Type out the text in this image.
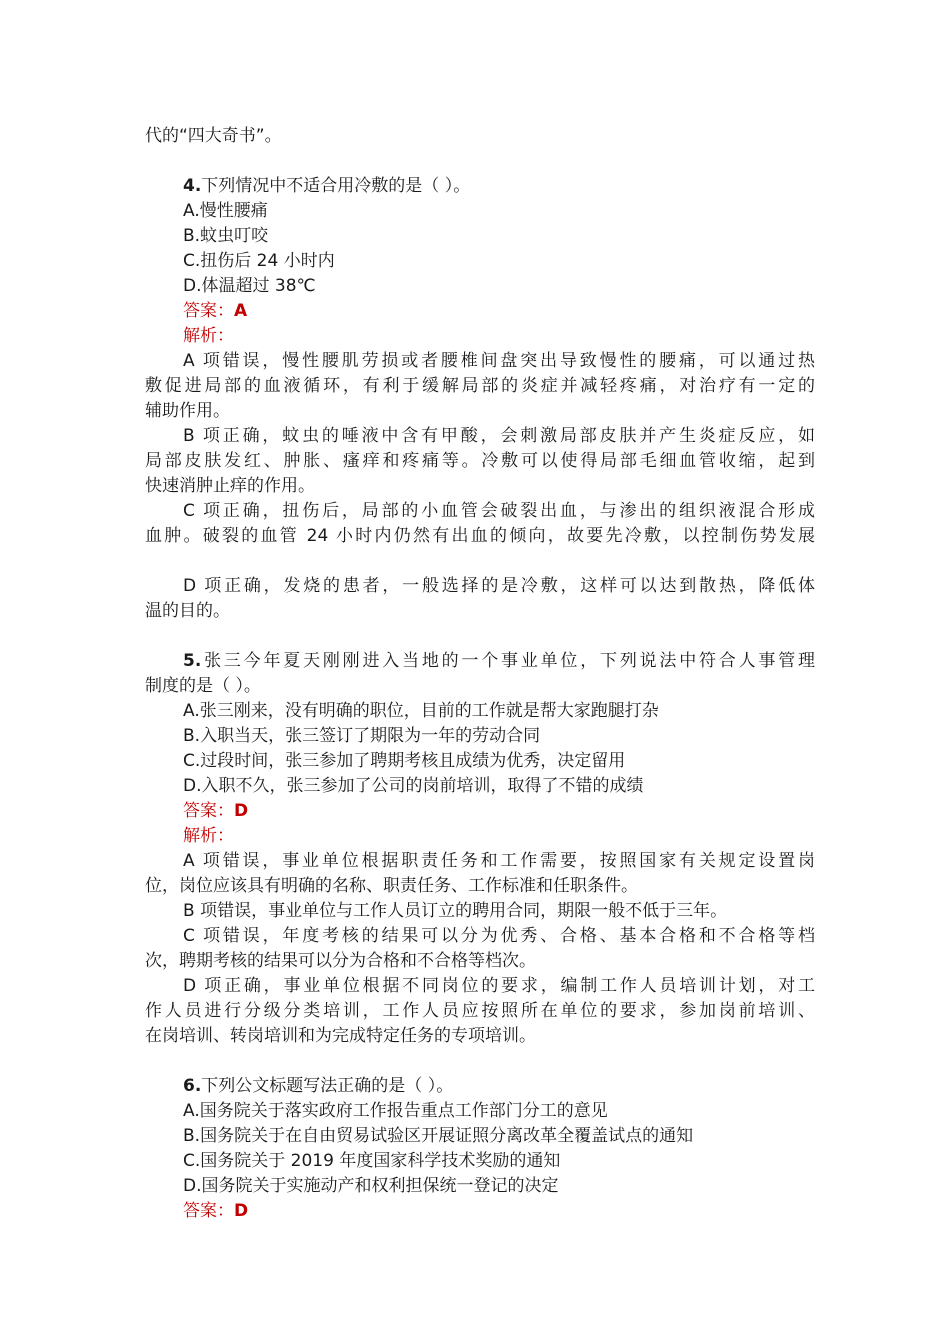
代的“四大奇书”。
4.下列情况中不适合用冷敷的是（ ）。
A.慢性腰痛
B.蚊虫叮咬
C.扭伤后 24 小时内
D.体温超过 38℃
答案：A
解析：
A 项错误，慢性腰肌劳损或者腰椎间盘突出导致慢性的腰痛，可以通过热
敷促进局部的血液循环，有利于缓解局部的炎症并减轻疼痛，对治疗有一定的
辅助作用。
B 项正确，蚊虫的唾液中含有甲酸，会刺激局部皮肤并产生炎症反应，如
局部皮肤发红、肿胀、瘙痒和疼痛等。冷敷可以使得局部毛细血管收缩，起到
快速消肿止痒的作用。
C 项正确，扭伤后，局部的小血管会破裂出血，与渗出的组织液混合形成
血肿。破裂的血管 24 小时内仍然有出血的倾向，故要先冷敷，以控制伤势发展
D 项正确，发烧的患者，一般选择的是冷敷，这样可以达到散热，降低体
温的目的。
5.张三今年夏天刚刚进入当地的一个事业单位，下列说法中符合人事管理
制度的是（ ）。
A.张三刚来，没有明确的职位，目前的工作就是帮大家跑腿打杂
B.入职当天，张三签订了期限为一年的劳动合同
C.过段时间，张三参加了聘期考核且成绩为优秀，决定留用
D.入职不久，张三参加了公司的岗前培训，取得了不错的成绩
答案：D
解析：
A 项错误，事业单位根据职责任务和工作需要，按照国家有关规定设置岗
位，岗位应该具有明确的名称、职责任务、工作标准和任职条件。
B 项错误，事业单位与工作人员订立的聘用合同，期限一般不低于三年。
C 项错误，年度考核的结果可以分为优秀、合格、基本合格和不合格等档
次，聘期考核的结果可以分为合格和不合格等档次。
D 项正确，事业单位根据不同岗位的要求，编制工作人员培训计划，对工
作人员进行分级分类培训，工作人员应按照所在单位的要求，参加岗前培训、
在岗培训、转岗培训和为完成特定任务的专项培训。
6.下列公文标题写法正确的是（ ）。
A.国务院关于落实政府工作报告重点工作部门分工的意见
B.国务院关于在自由贸易试验区开展证照分离改革全覆盖试点的通知
C.国务院关于 2019 年度国家科学技术奖励的通知
D.国务院关于实施动产和权利担保统一登记的决定
答案：D
